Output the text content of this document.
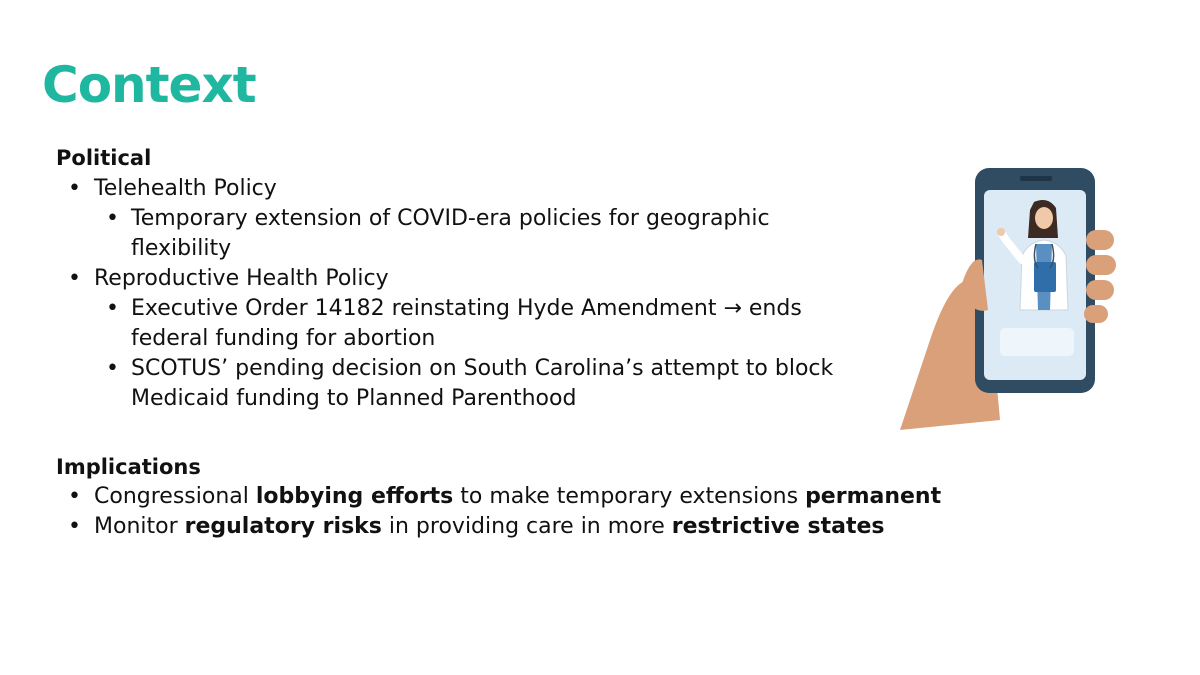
Context
Political
• Telehealth Policy
• Temporary extension of COVID-era policies for geographic
flexibility
• Reproductive Health Policy
• Executive Order 14182 reinstating Hyde Amendment → ends
federal funding for abortion
• SCOTUS’ pending decision on South Carolina’s attempt to block
Medicaid funding to Planned Parenthood
Implications
• Congressional lobbying efforts to make temporary extensions permanent
• Monitor regulatory risks in providing care in more restrictive states
